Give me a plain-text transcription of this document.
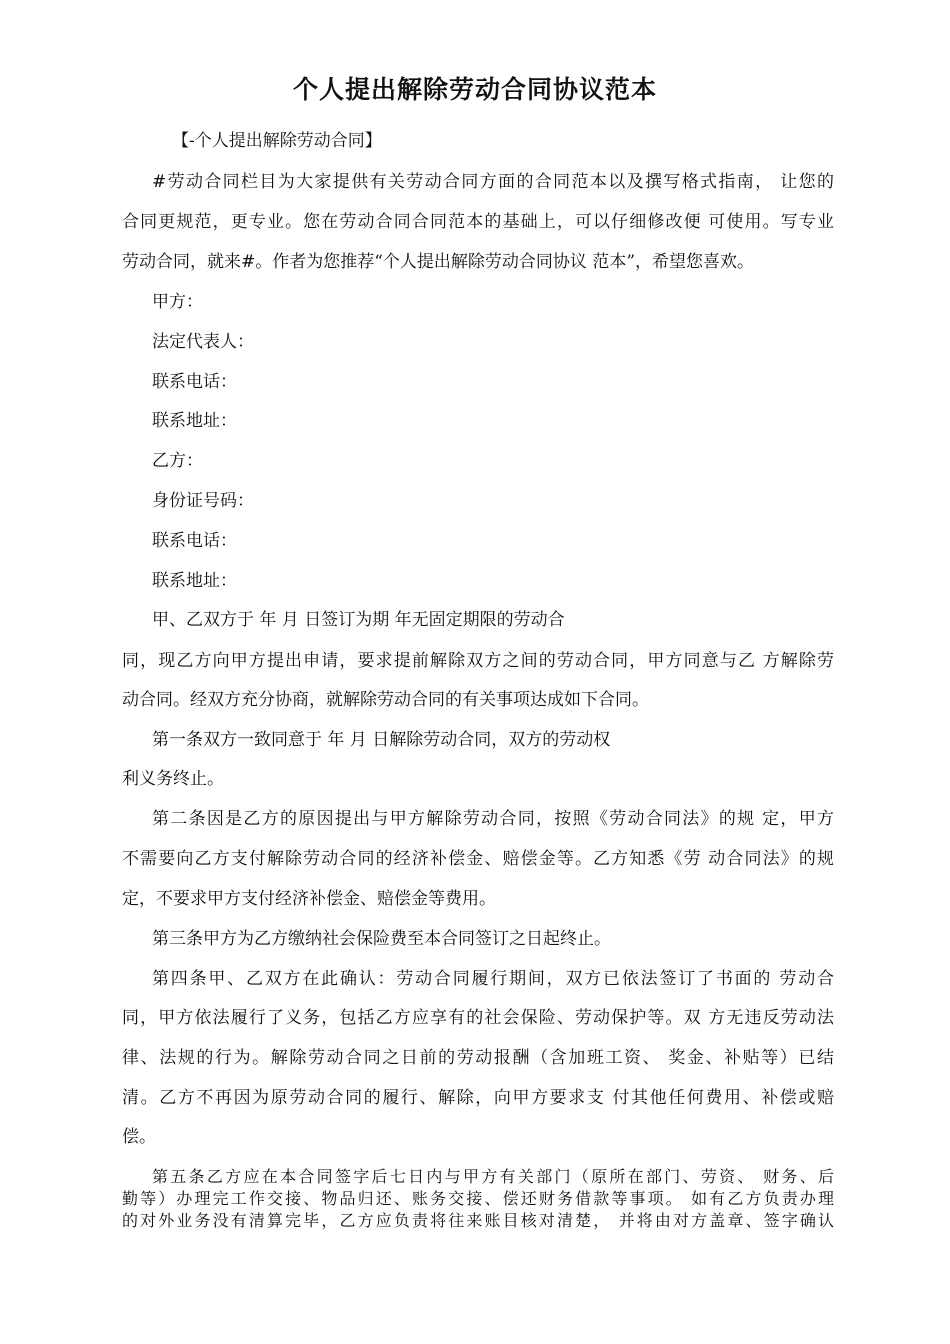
个人提出解除劳动合同协议范本
【-个人提出解除劳动合同】
#劳动合同栏目为大家提供有关劳动合同方面的合同范本以及撰写格式指南， 让您的
合同更规范，更专业。您在劳动合同合同范本的基础上，可以仔细修改便 可使用。写专业
劳动合同，就来#。作者为您推荐“个人提出解除劳动合同协议 范本”，希望您喜欢。
甲方：
法定代表人：
联系电话：
联系地址：
乙方：
身份证号码：
联系电话：
联系地址：
甲、乙双方于 年 月 日签订为期 年无固定期限的劳动合
同，现乙方向甲方提出申请，要求提前解除双方之间的劳动合同，甲方同意与乙 方解除劳
动合同。经双方充分协商，就解除劳动合同的有关事项达成如下合同。
第一条双方一致同意于 年 月 日解除劳动合同，双方的劳动权
利义务终止。
第二条因是乙方的原因提出与甲方解除劳动合同，按照《劳动合同法》的规 定，甲方
不需要向乙方支付解除劳动合同的经济补偿金、赔偿金等。乙方知悉《劳 动合同法》的规
定，不要求甲方支付经济补偿金、赔偿金等费用。
第三条甲方为乙方缴纳社会保险费至本合同签订之日起终止。
第四条甲、乙双方在此确认：劳动合同履行期间，双方已依法签订了书面的 劳动合
同，甲方依法履行了义务，包括乙方应享有的社会保险、劳动保护等。双 方无违反劳动法
律、法规的行为。解除劳动合同之日前的劳动报酬（含加班工资、 奖金、补贴等）已结
清。乙方不再因为原劳动合同的履行、解除，向甲方要求支 付其他任何费用、补偿或赔
偿。
第五条乙方应在本合同签字后七日内与甲方有关部门（原所在部门、劳资、 财务、后
勤等）办理完工作交接、物品归还、账务交接、偿还财务借款等事项。 如有乙方负责办理
的对外业务没有清算完毕，乙方应负责将往来账目核对清楚， 并将由对方盖章、签字确认
